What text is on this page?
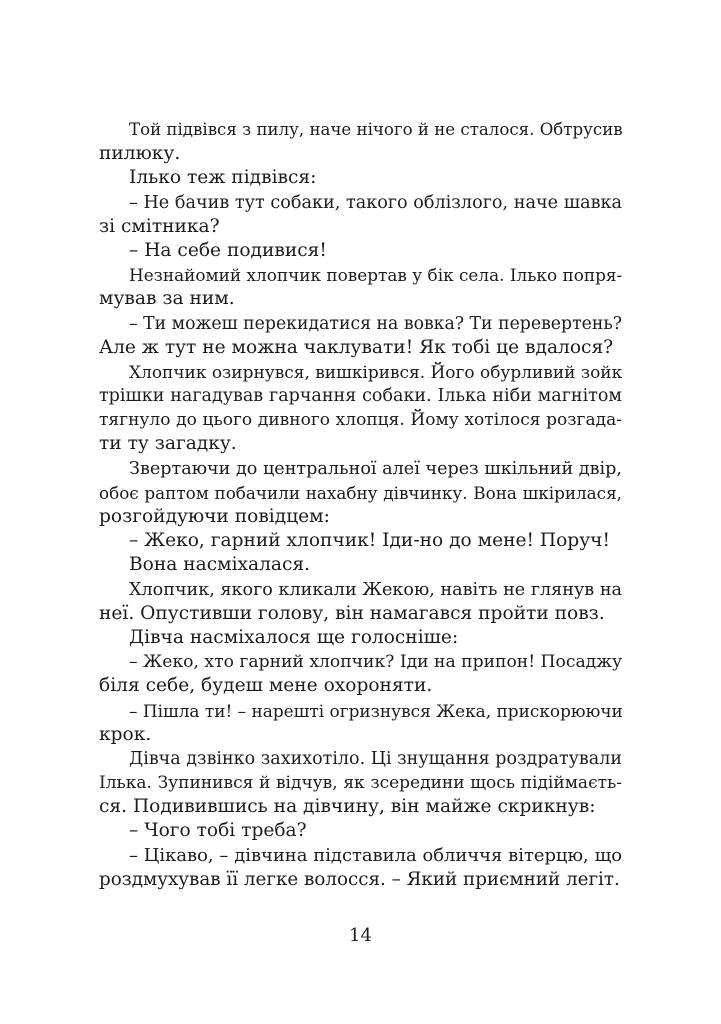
Той підвівся з пилу, наче нічого й не сталося. Обтрусив
пилюку.
Ілько теж підвівся:
– Не бачив тут собаки, такого облізлого, наче шавка
зі смітника?
– На себе подивися!
Незнайомий хлопчик повертав у бік села. Ілько попря-
мував за ним.
– Ти можеш перекидатися на вовка? Ти перевертень?
Але ж тут не можна чаклувати! Як тобі це вдалося?
Хлопчик озирнувся, вишкірився. Його обурливий зойк
трішки нагадував гарчання собаки. Ілька ніби магнітом
тягнуло до цього дивного хлопця. Йому хотілося розгада-
ти ту загадку.
Звертаючи до центральної алеї через шкільний двір,
обоє раптом побачили нахабну дівчинку. Вона шкірилася,
розгойдуючи повідцем:
– Жеко, гарний хлопчик! Іди-но до мене! Поруч!
Вона насміхалася.
Хлопчик, якого кликали Жекою, навіть не глянув на
неї. Опустивши голову, він намагався пройти повз.
Дівча насміхалося ще голосніше:
– Жеко, хто гарний хлопчик? Іди на припон! Посаджу
біля себе, будеш мене охороняти.
– Пішла ти! – нарешті огризнувся Жека, прискорюючи
крок.
Дівча дзвінко захихотіло. Ці знущання роздратували
Ілька. Зупинився й відчув, як зсередини щось підіймаєть-
ся. Подивившись на дівчину, він майже скрикнув:
– Чого тобі треба?
– Цікаво, – дівчина підставила обличчя вітерцю, що
роздмухував її легке волосся. – Який приємний легіт.
14
